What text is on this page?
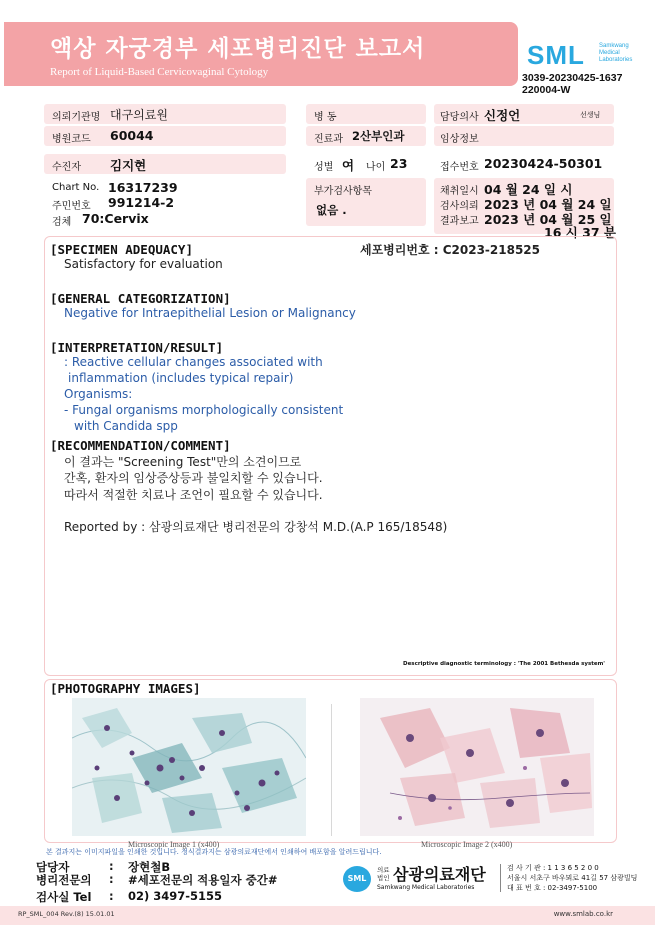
액상 자궁경부 세포병리진단 보고서
Report of Liquid-Based Cervicovaginal Cytology
SML Samkwang Medical Laboratories
3039-20230425-1637
220004-W
의뢰기관명 대구의료원	병 동	담당의사 신정언	선생님
병원코드 60044	진료과 2산부인과	임상정보
수진자 김지현	성별 여 나이 23	접수번호 20230424-50301
Chart No. 16317239
주민번호 991214-2
검체 70:Cervix
부가검사항목
없음 .
채취일시 04 월 24 일 시
검사의뢰 2023 년 04 월 24 일
결과보고 2023 년 04 월 25 일
16 시 37 분
[SPECIMEN ADEQUACY]	세포병리번호 : C2023-218525
Satisfactory for evaluation
[GENERAL CATEGORIZATION]
Negative for Intraepithelial Lesion or Malignancy
[INTERPRETATION/RESULT]
: Reactive cellular changes associated with
inflammation (includes typical repair)
Organisms:
- Fungal organisms morphologically consistent
with Candida spp
[RECOMMENDATION/COMMENT]
이 결과는 "Screening Test"만의 소견이므로
간혹, 환자의 임상증상등과 불일치할 수 있습니다.
따라서 적절한 치료나 조언이 필요할 수 있습니다.
Reported by : 삼광의료재단 병리전문의 강창석 M.D.(A.P 165/18548)
Descriptive diagnostic terminology : 'The 2001 Bethesda system'
[PHOTOGRAPHY IMAGES]
Microscopic Image 1 (x400)	Microscopic Image 2 (x400)
본 결과지는 이미지파일을 인쇄한 것입니다. 정식결과지는 삼광의료재단에서 인쇄하여 배포함을 알려드립니다.
담당자	: 장현철B
병리전문의 : #세포전문의 적용일자 중간#
검사실 Tel : 02) 3497-5155
SML
의료 법인 삼광의료재단
Samkwang Medical Laboratories
검 사 기 관 : 1 1 3 6 5 2 0 0
서울시 서초구 바우뫼로 41길 57 삼광빌딩
대 표 번 호 : 02-3497-5100
RP_SML_004 Rev.(8) 15.01.01	www.smlab.co.kr
